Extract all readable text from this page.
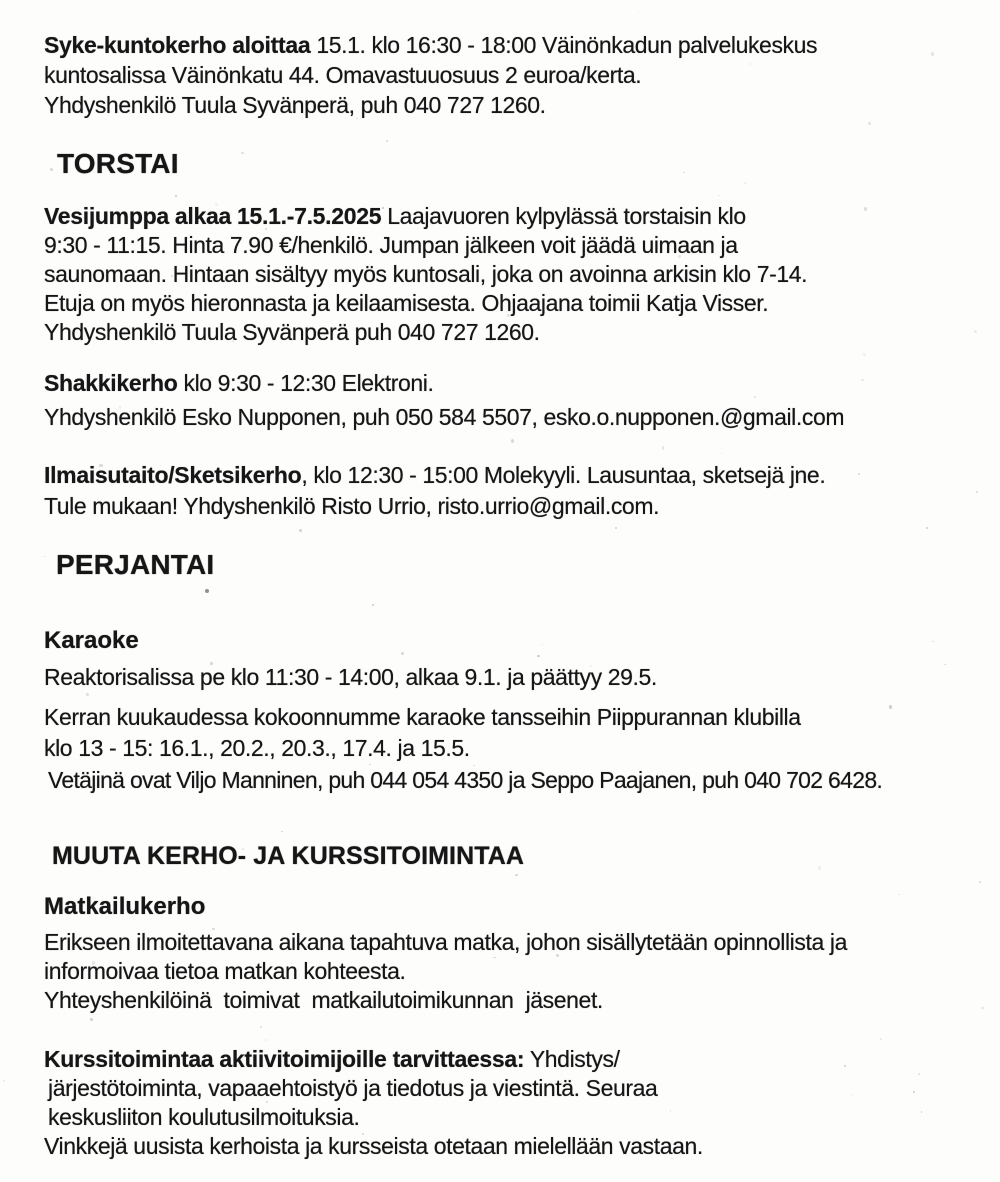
Syke-kuntokerho aloittaa 15.1. klo 16:30 - 18:00 Väinönkadun palvelukeskus
kuntosalissa Väinönkatu 44. Omavastuuosuus 2 euroa/kerta.
Yhdyshenkilö Tuula Syvänperä, puh 040 727 1260.
TORSTAI
Vesijumppa alkaa 15.1.-7.5.2025 Laajavuoren kylpylässä torstaisin klo
9:30 - 11:15. Hinta 7.90 €/henkilö. Jumpan jälkeen voit jäädä uimaan ja
saunomaan. Hintaan sisältyy myös kuntosali, joka on avoinna arkisin klo 7-14.
Etuja on myös hieronnasta ja keilaamisesta. Ohjaajana toimii Katja Visser.
Yhdyshenkilö Tuula Syvänperä puh 040 727 1260.
Shakkikerho klo 9:30 - 12:30 Elektroni.
Yhdyshenkilö Esko Nupponen, puh 050 584 5507, esko.o.nupponen.@gmail.com
Ilmaisutaito/Sketsikerho, klo 12:30 - 15:00 Molekyyli. Lausuntaa, sketsejä jne.
Tule mukaan! Yhdyshenkilö Risto Urrio, risto.urrio@gmail.com.
PERJANTAI
Karaoke
Reaktorisalissa pe klo 11:30 - 14:00, alkaa 9.1. ja päättyy 29.5.
Kerran kuukaudessa kokoonnumme karaoke tansseihin Piippurannan klubilla
klo 13 - 15: 16.1., 20.2., 20.3., 17.4. ja 15.5.
Vetäjinä ovat Viljo Manninen, puh 044 054 4350 ja Seppo Paajanen, puh 040 702 6428.
MUUTA KERHO- JA KURSSITOIMINTAA
Matkailukerho
Erikseen ilmoitettavana aikana tapahtuva matka, johon sisällytetään opinnollista ja
informoivaa tietoa matkan kohteesta.
Yhteyshenkilöinä toimivat matkailutoimikunnan jäsenet.
Kurssitoimintaa aktiivitoimijoille tarvittaessa: Yhdistys/
järjestötoiminta, vapaaehtoistyö ja tiedotus ja viestintä. Seuraa
keskusliiton koulutusilmoituksia.
Vinkkejä uusista kerhoista ja kursseista otetaan mielellään vastaan.
